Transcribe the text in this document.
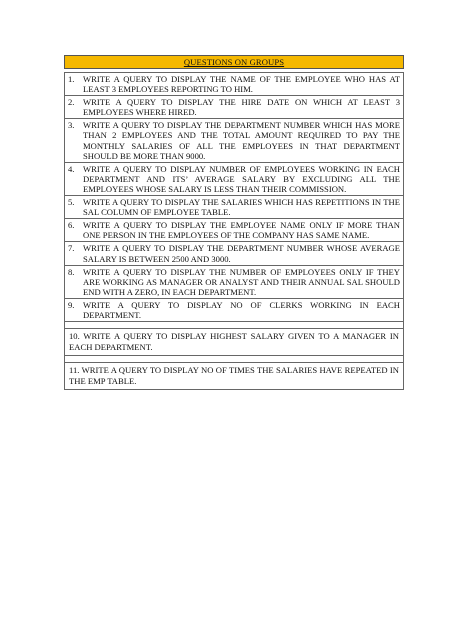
QUESTIONS ON GROUPS
1. WRITE A QUERY TO DISPLAY THE NAME OF THE EMPLOYEE WHO HAS AT LEAST 3 EMPLOYEES REPORTING TO HIM.
2. WRITE A QUERY TO DISPLAY THE HIRE DATE ON WHICH AT LEAST 3 EMPLOYEES WHERE HIRED.
3. WRITE A QUERY TO DISPLAY THE DEPARTMENT NUMBER WHICH HAS MORE THAN 2 EMPLOYEES AND THE TOTAL AMOUNT REQUIRED TO PAY THE MONTHLY SALARIES OF ALL THE EMPLOYEES IN THAT DEPARTMENT SHOULD BE MORE THAN 9000.
4. WRITE A QUERY TO DISPLAY NUMBER OF EMPLOYEES WORKING IN EACH DEPARTMENT AND ITS’ AVERAGE SALARY BY EXCLUDING ALL THE EMPLOYEES WHOSE SALARY IS LESS THAN THEIR COMMISSION.
5. WRITE A QUERY TO DISPLAY THE SALARIES WHICH HAS REPETITIONS IN THE SAL COLUMN OF EMPLOYEE TABLE.
6. WRITE A QUERY TO DISPLAY THE EMPLOYEE NAME ONLY IF MORE THAN ONE PERSON IN THE EMPLOYEES OF THE COMPANY HAS SAME NAME.
7. WRITE A QUERY TO DISPLAY THE DEPARTMENT NUMBER WHOSE AVERAGE SALARY IS BETWEEN 2500 AND 3000.
8. WRITE A QUERY TO DISPLAY THE NUMBER OF EMPLOYEES ONLY IF THEY ARE WORKING AS MANAGER OR ANALYST AND THEIR ANNUAL SAL SHOULD END WITH A ZERO, IN EACH DEPARTMENT.
9. WRITE A QUERY TO DISPLAY NO OF CLERKS WORKING IN EACH DEPARTMENT.
10. WRITE A QUERY TO DISPLAY HIGHEST SALARY GIVEN TO A MANAGER IN EACH DEPARTMENT.
11. WRITE A QUERY TO DISPLAY NO OF TIMES THE SALARIES HAVE REPEATED IN THE EMP TABLE.
